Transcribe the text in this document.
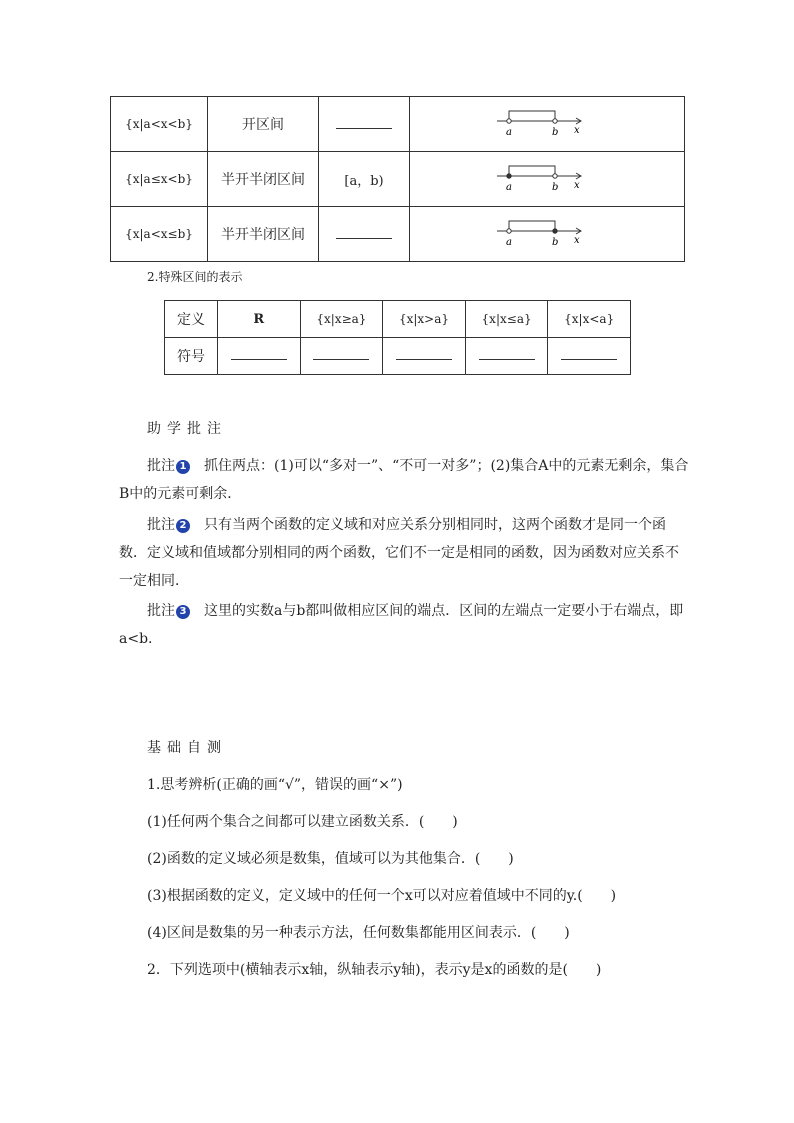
{x|a<x<b}	开区间		a b x

{x|a≤x<b}	半开半闭区间	[a，b)	a b x

{x|a<x≤b}	半开半闭区间		a b x
2.特殊区间的表示
定义	R	{x|x≥a}	{x|x>a}	{x|x≤a}	{x|x<a}
符号					
助学批注
批注 1　抓住两点：(1)可以“多对一”、“不可一对多”；(2)集合A中的元素无剩余，集合B中的元素可剩余．
批注 2　只有当两个函数的定义域和对应关系分别相同时，这两个函数才是同一个函数．定义域和值域都分别相同的两个函数，它们不一定是相同的函数，因为函数对应关系不一定相同．
批注 3　这里的实数a与b都叫做相应区间的端点．区间的左端点一定要小于右端点，即a<b.
基础自测
1.思考辨析(正确的画“√”，错误的画“×”)
(1)任何两个集合之间都可以建立函数关系．(　　)
(2)函数的定义域必须是数集，值域可以为其他集合．(　　)
(3)根据函数的定义，定义域中的任何一个x可以对应着值域中不同的y.(　　)
(4)区间是数集的另一种表示方法，任何数集都能用区间表示．(　　)
2．下列选项中(横轴表示x轴，纵轴表示y轴)，表示y是x的函数的是(　　)
